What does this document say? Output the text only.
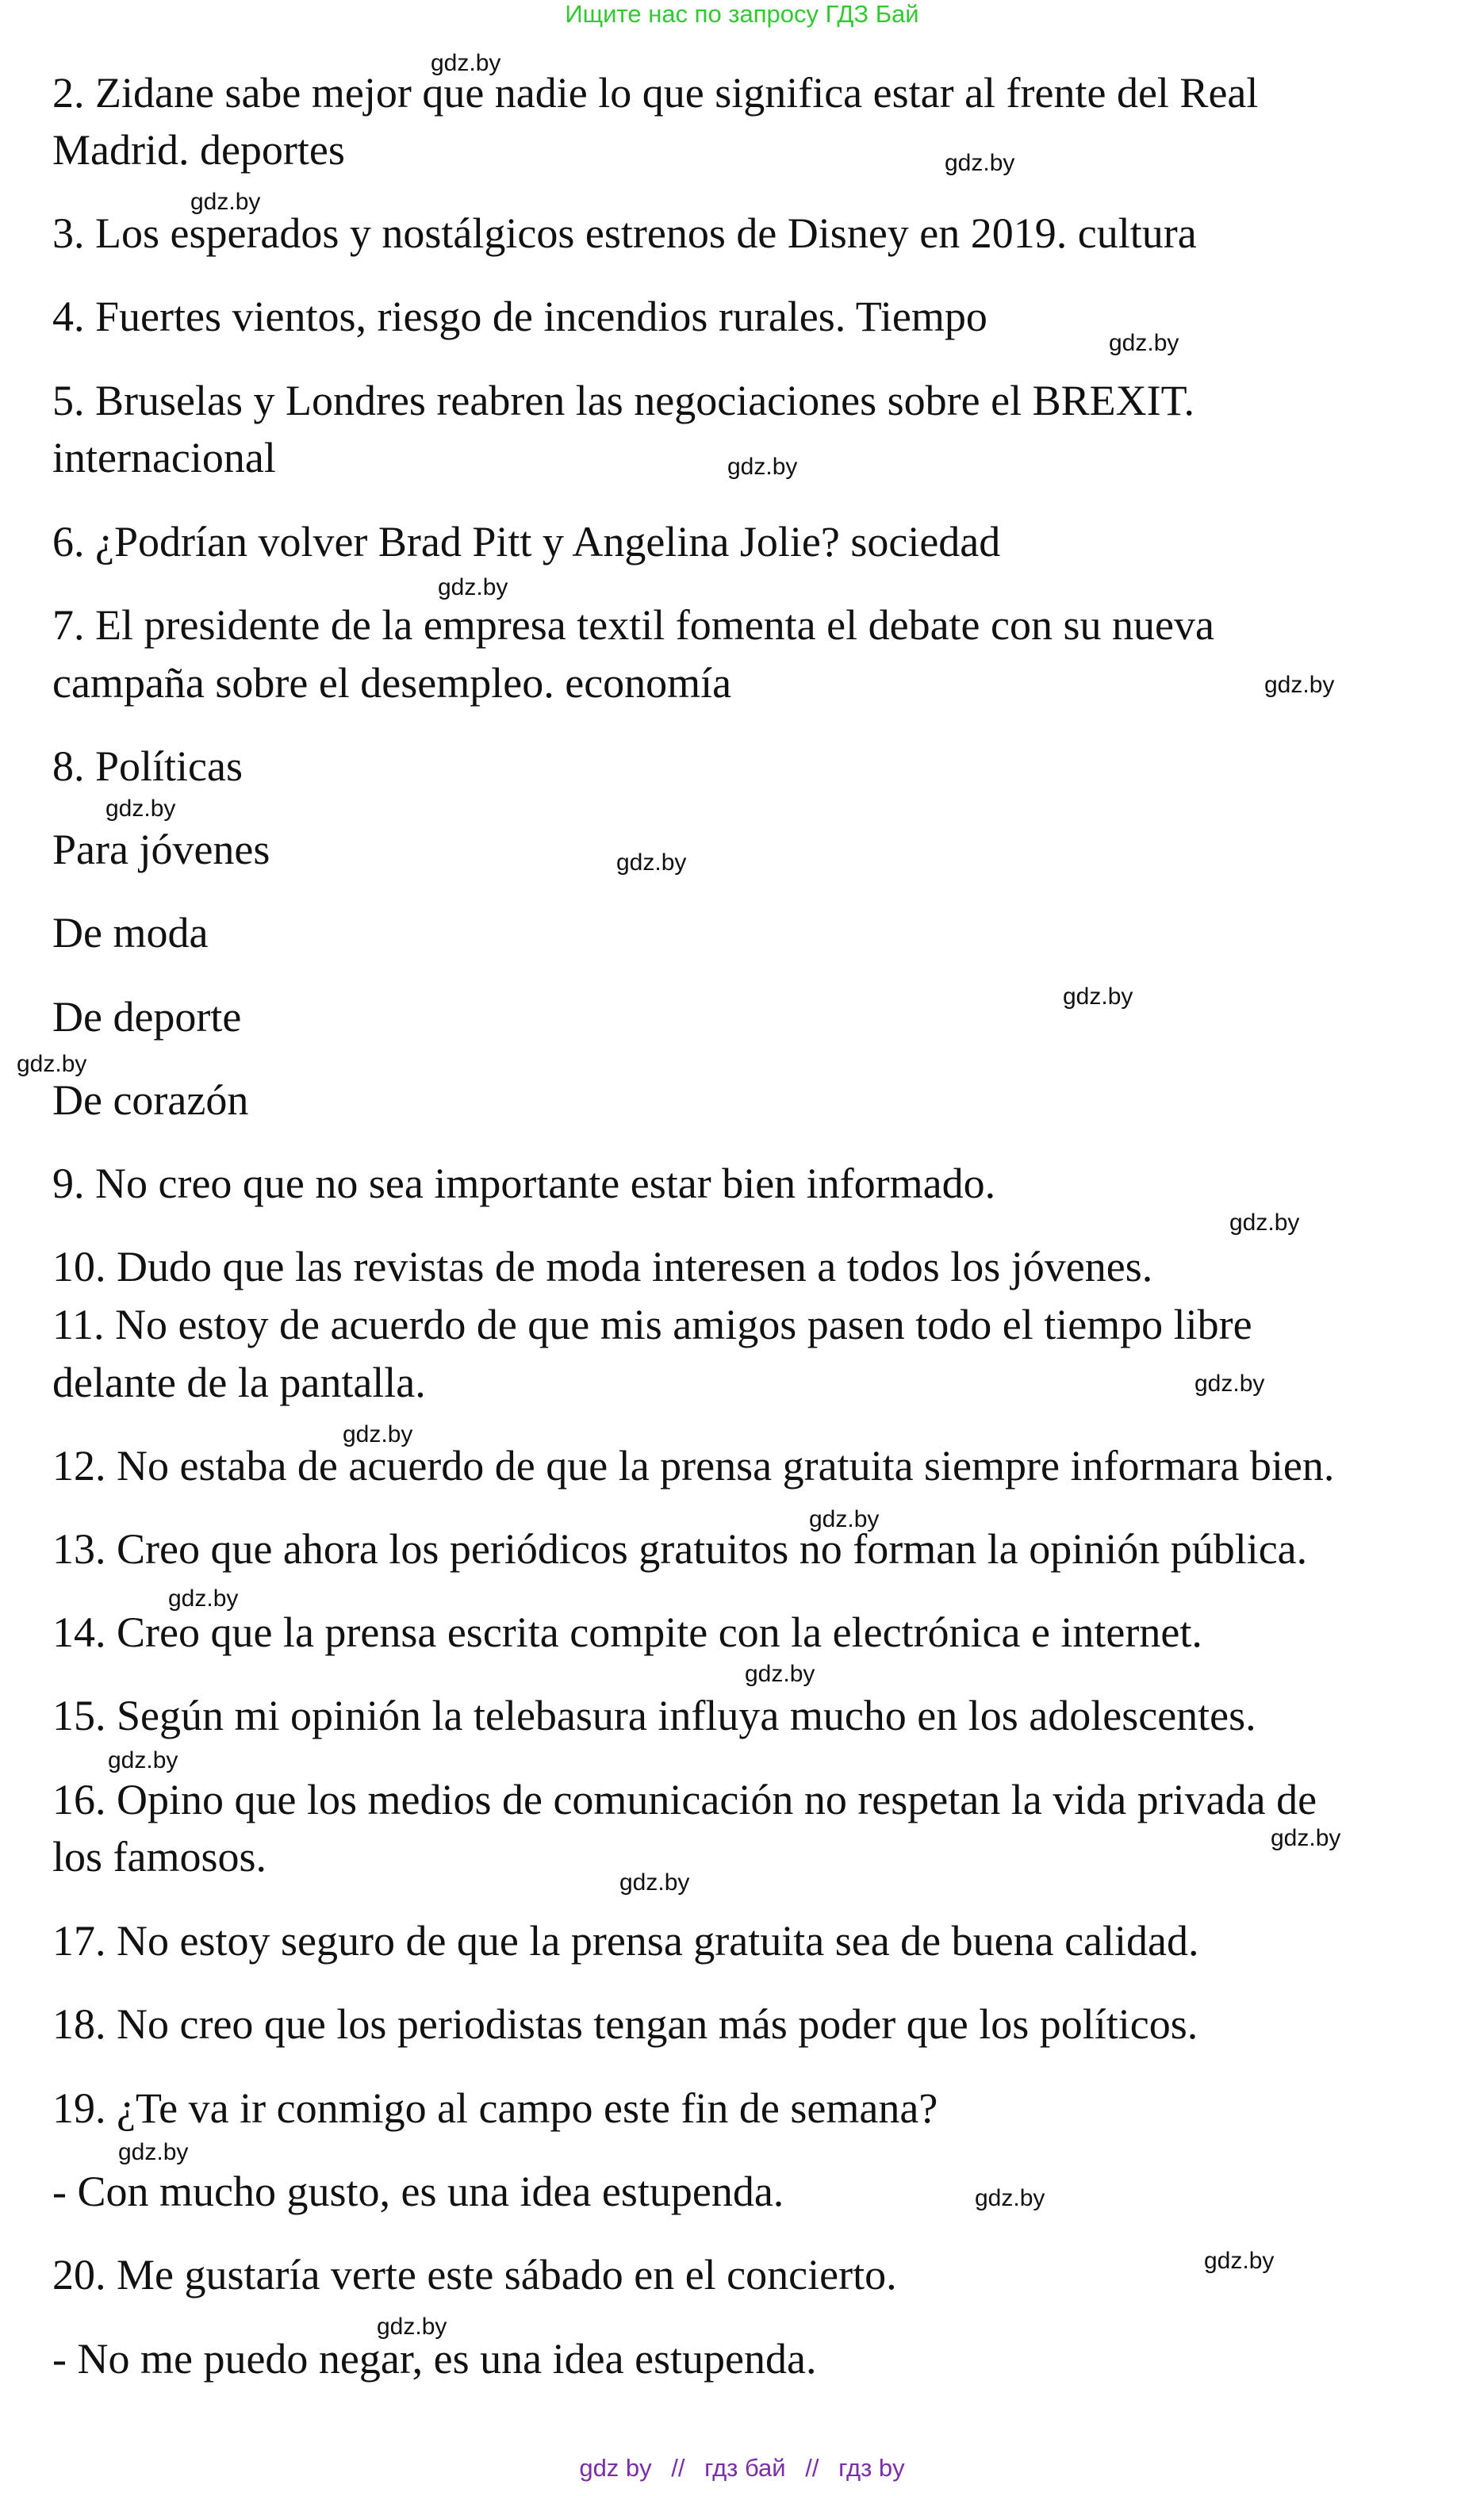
Ищите нас по запросу ГДЗ Бай

2. Zidane sabe mejor que nadie lo que significa estar al frente del Real

Madrid. deportes

3. Los esperados y nostálgicos estrenos de Disney en 2019. cultura

4. Fuertes vientos, riesgo de incendios rurales. Tiempo

5. Bruselas y Londres reabren las negociaciones sobre el BREXIT.

internacional

6. ¿Podrían volver Brad Pitt y Angelina Jolie? sociedad

7. El presidente de la empresa textil fomenta el debate con su nueva

campaña sobre el desempleo. economía

8. Políticas

Para jóvenes

De moda

De deporte

De corazón

9. No creo que no sea importante estar bien informado.

10. Dudo que las revistas de moda interesen a todos los jóvenes.

11. No estoy de acuerdo de que mis amigos pasen todo el tiempo libre

delante de la pantalla.

12. No estaba de acuerdo de que la prensa gratuita siempre informara bien.

13. Creo que ahora los periódicos gratuitos no forman la opinión pública.

14. Creo que la prensa escrita compite con la electrónica e internet.

15. Según mi opinión la telebasura influya mucho en los adolescentes.

16. Opino que los medios de comunicación no respetan la vida privada de

los famosos.

17. No estoy seguro de que la prensa gratuita sea de buena calidad.

18. No creo que los periodistas tengan más poder que los políticos.

19. ¿Te va ir conmigo al campo este fin de semana?

- Con mucho gusto, es una idea estupenda.

20. Me gustaría verte este sábado en el concierto.

- No me puedo negar, es una idea estupenda.

gdz.by
gdz.by
gdz.by
gdz.by
gdz.by
gdz.by
gdz.by
gdz.by
gdz.by
gdz.by
gdz.by
gdz.by
gdz.by
gdz.by
gdz.by
gdz.by
gdz.by
gdz.by
gdz.by
gdz.by
gdz.by
gdz.by
gdz.by
gdz.by
gdz by // гдз бай // гдз by
